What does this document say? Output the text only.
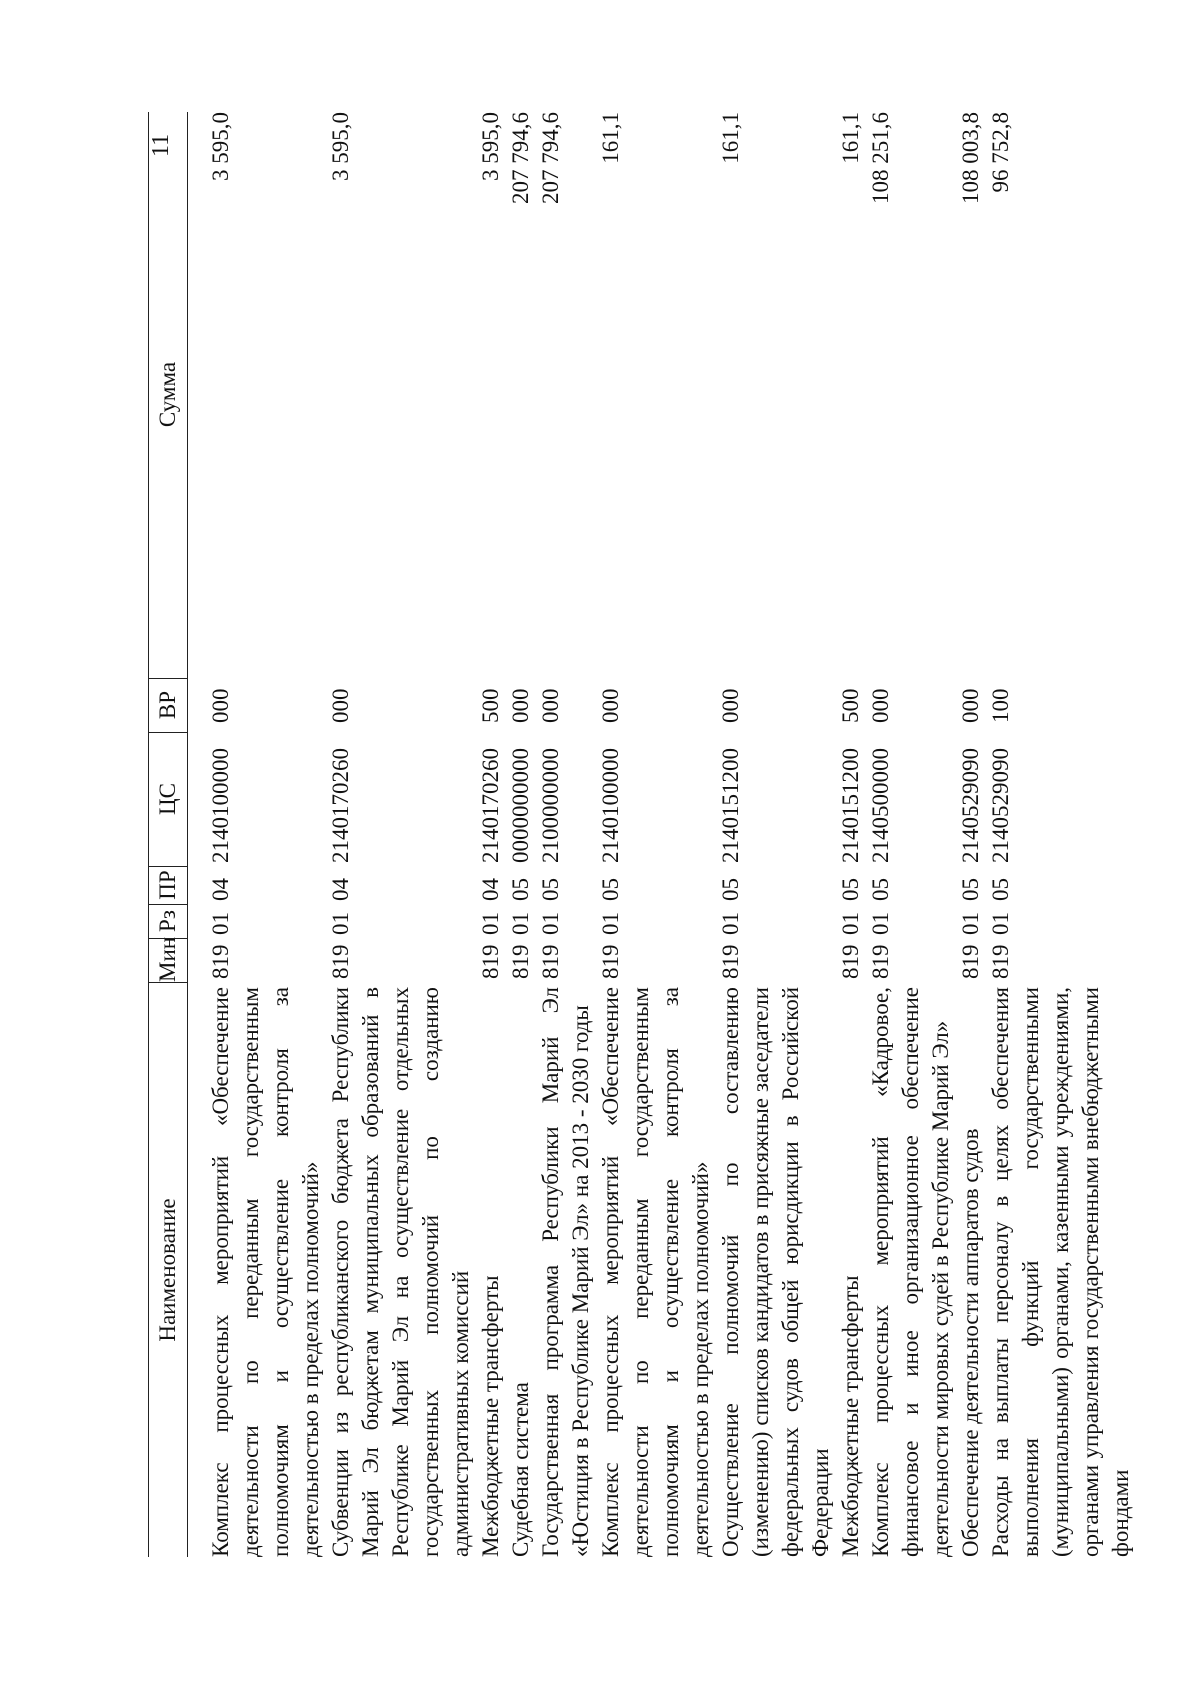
11
Наименование
Мин
Рз
ПР
ЦС
ВР
Сумма
Комплекс процессных мероприятий «Обеспечение деятельности по переданным государственным полномочиям и осуществление контроля за деятельностью в пределах полномочий»
819
01
04
2140100000
000
3 595,0
Субвенции из республиканского бюджета Республики Марий Эл бюджетам муниципальных образований в Республике Марий Эл на осуществление отдельных государственных полномочий по созданию административных комиссий
819
01
04
2140170260
000
3 595,0
Межбюджетные трансферты
819
01
04
2140170260
500
3 595,0
Судебная система
819
01
05
0000000000
000
207 794,6
Государственная программа Республики Марий Эл «Юстиция в Республике Марий Эл» на 2013 - 2030 годы
819
01
05
2100000000
000
207 794,6
Комплекс процессных мероприятий «Обеспечение деятельности по переданным государственным полномочиям и осуществление контроля за деятельностью в пределах полномочий»
819
01
05
2140100000
000
161,1
Осуществление полномочий по составлению (изменению) списков кандидатов в присяжные заседатели федеральных судов общей юрисдикции в Российской Федерации
819
01
05
2140151200
000
161,1
Межбюджетные трансферты
819
01
05
2140151200
500
161,1
Комплекс процессных мероприятий «Кадровое, финансовое и иное организационное обеспечение деятельности мировых судей в Республике Марий Эл»
819
01
05
2140500000
000
108 251,6
Обеспечение деятельности аппаратов судов
819
01
05
2140529090
000
108 003,8
Расходы на выплаты персоналу в целях обеспечения выполнения функций государственными (муниципальными) органами, казенными учреждениями, органами управления государственными внебюджетными фондами
819
01
05
2140529090
100
96 752,8
